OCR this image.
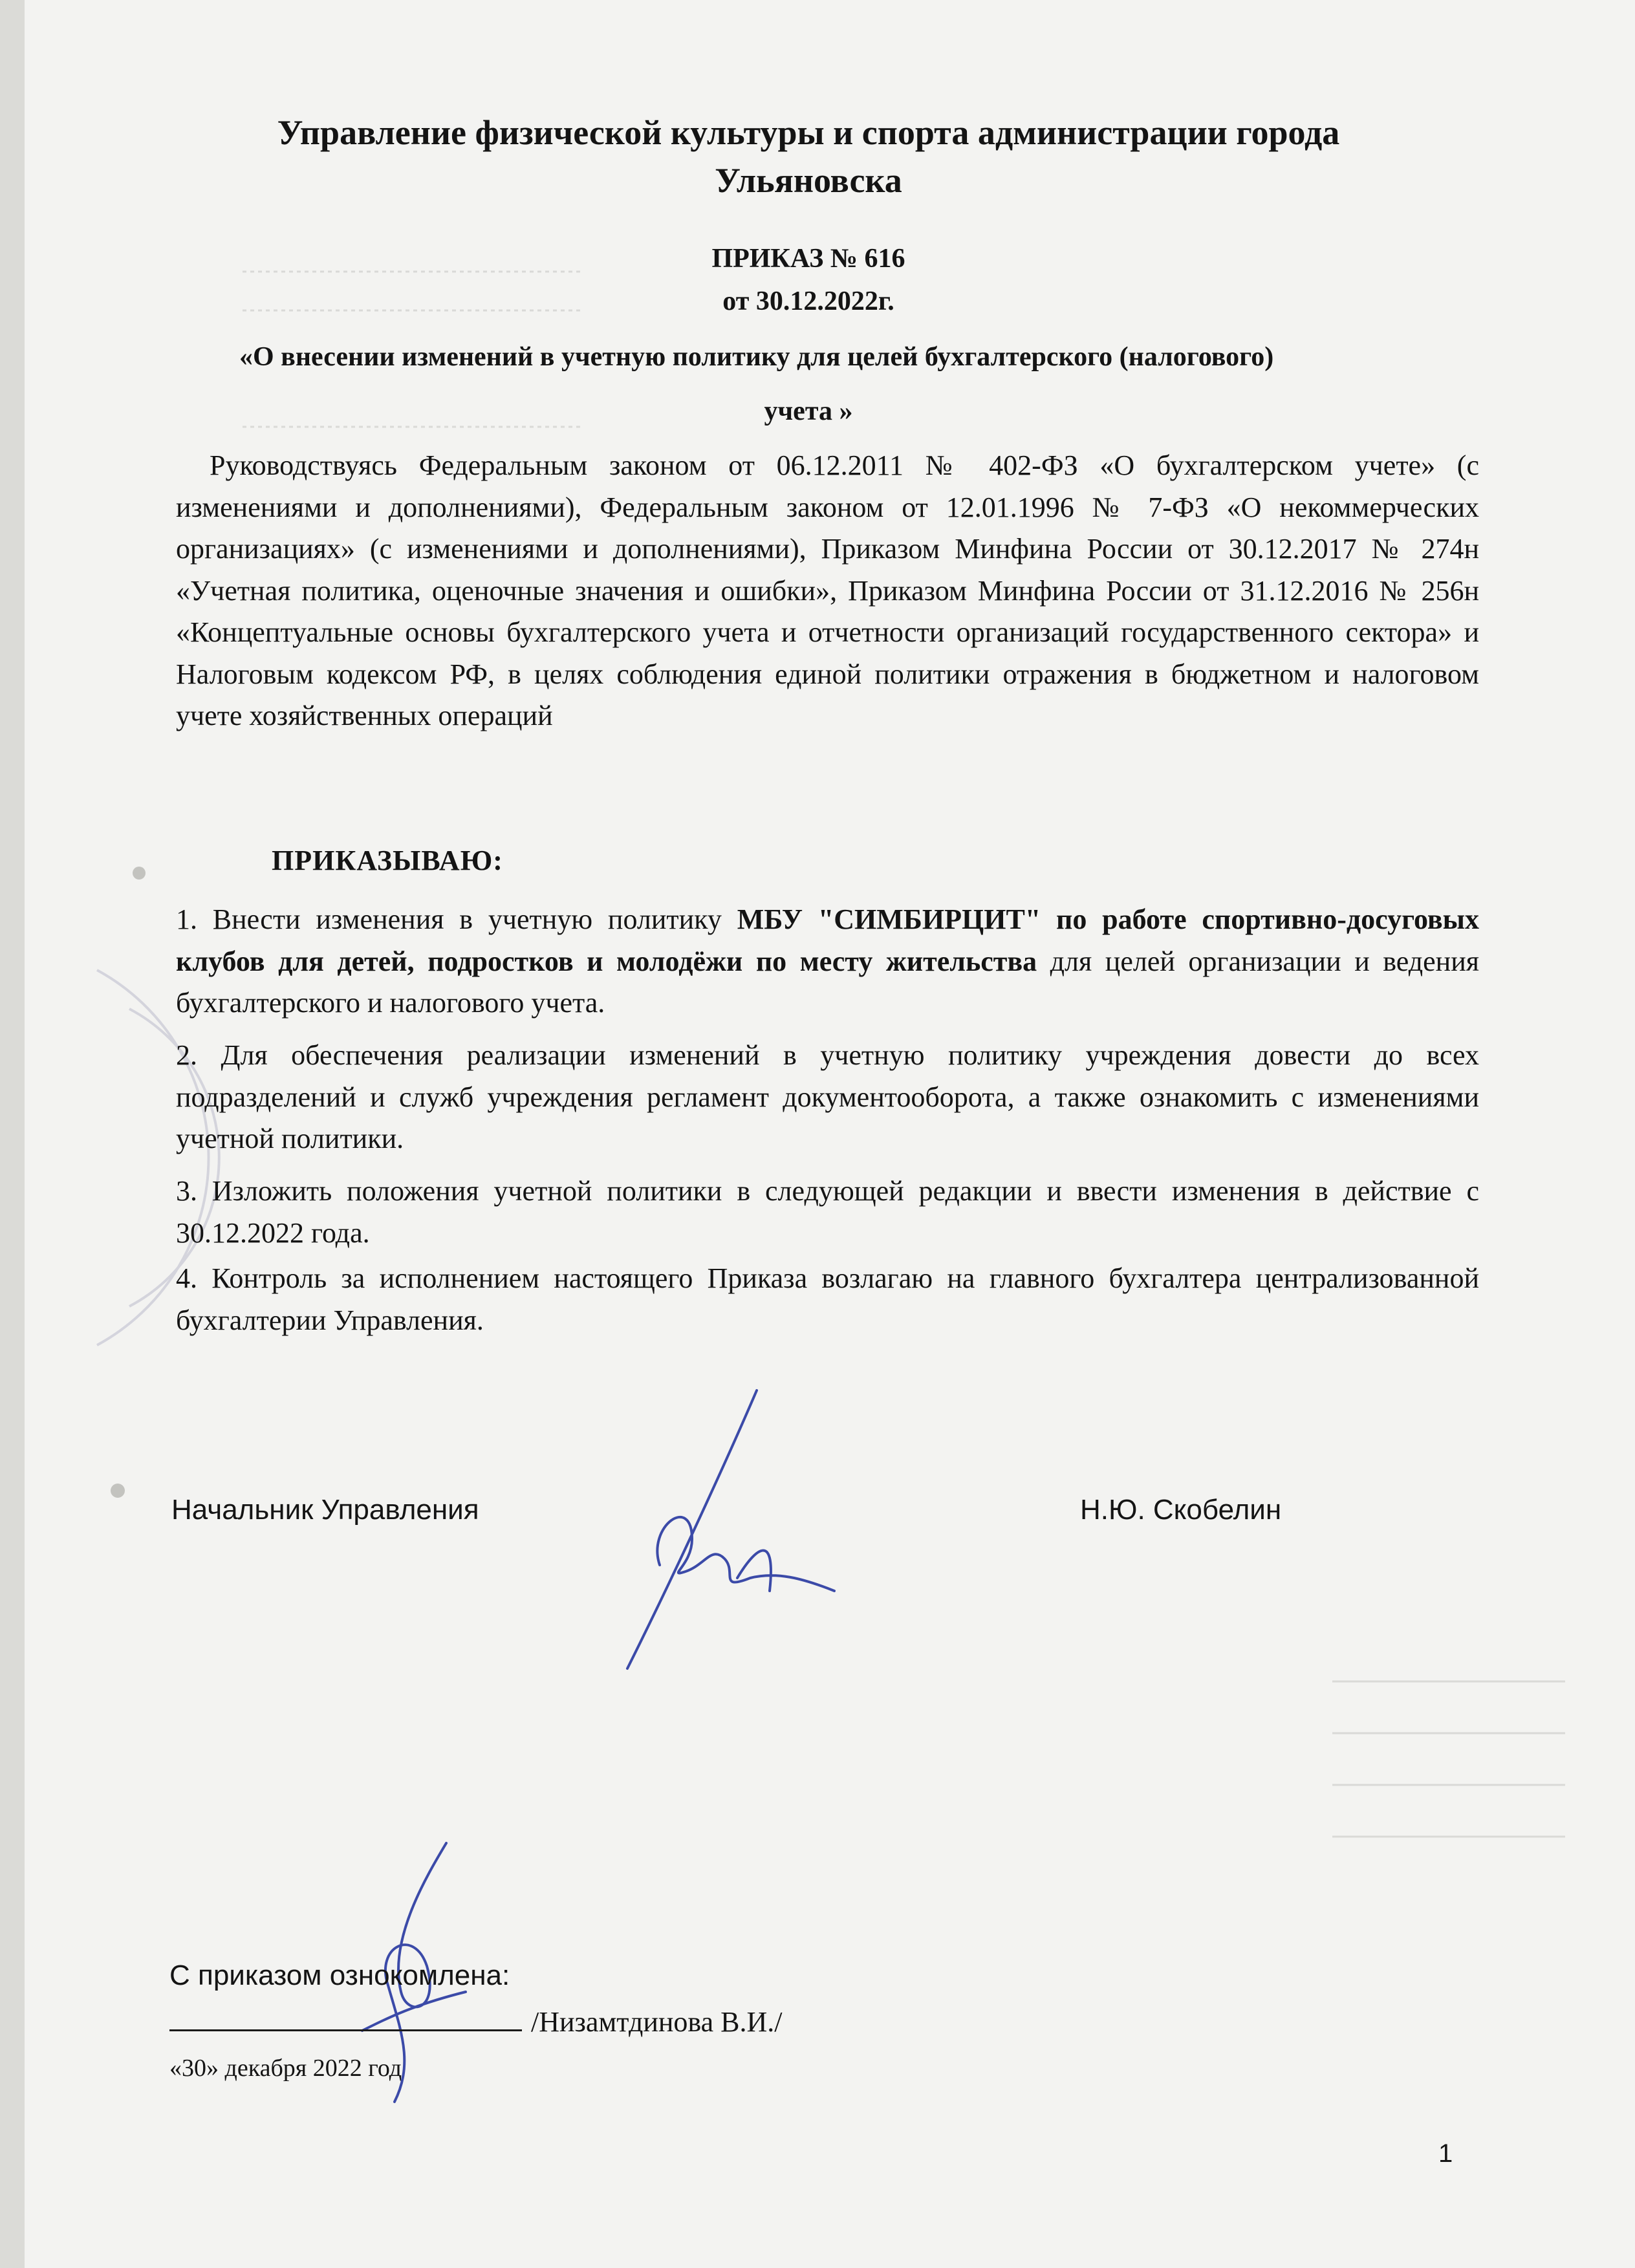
Управление физической культуры и спорта администрации города Ульяновска
ПРИКАЗ № 616
от 30.12.2022г.
«О внесении изменений в учетную политику для целей бухгалтерского (налогового)
учета »
Руководствуясь Федеральным законом от 06.12.2011 № 402-ФЗ «О бухгалтерском учете» (с изменениями и дополнениями), Федеральным законом от 12.01.1996 № 7-ФЗ «О некоммерческих организациях» (с изменениями и дополнениями), Приказом Минфина России от 30.12.2017 № 274н «Учетная политика, оценочные значения и ошибки», Приказом Минфина России от 31.12.2016 № 256н «Концептуальные основы бухгалтерского учета и отчетности организаций государственного сектора» и Налоговым кодексом РФ, в целях соблюдения единой политики отражения в бюджетном и налоговом учете хозяйственных операций
ПРИКАЗЫВАЮ:
1. Внести изменения в учетную политику МБУ "СИМБИРЦИТ" по работе спортивно-досуговых клубов для детей, подростков и молодёжи по месту жительства для целей организации и ведения бухгалтерского и налогового учета.
2. Для обеспечения реализации изменений в учетную политику учреждения довести до всех подразделений и служб учреждения регламент документооборота, а также ознакомить с изменениями учетной политики.
3. Изложить положения учетной политики в следующей редакции и ввести изменения в действие с 30.12.2022 года.
4. Контроль за исполнением настоящего Приказа возлагаю на главного бухгалтера централизованной бухгалтерии Управления.
Начальник Управления	Н.Ю. Скобелин
С приказом ознокомлена:
/Низамтдинова В.И./
«30» декабря 2022 год
1
